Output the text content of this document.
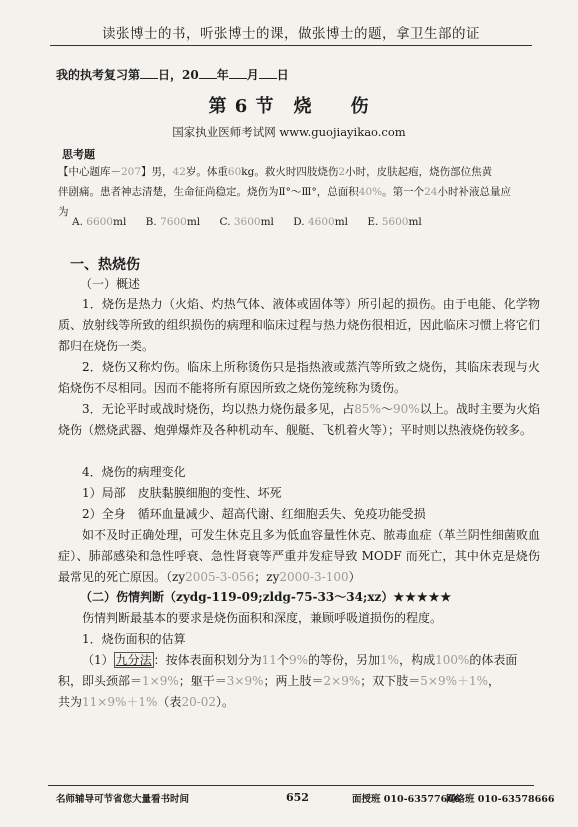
读张博士的书，听张博士的课，做张博士的题，拿卫生部的证
我的执考复习第 日，20 年 月 日
第 6 节　烧　　伤
国家执业医师考试网 www.guojiayikao.com
思考题
【中心题库－207】男，42岁。体重60kg。救火时四肢烧伤2小时，皮肤起疱，烧伤部位焦黄
伴剧痛。患者神志清楚，生命征尚稳定。烧伤为Ⅱ°～Ⅲ°，总面积40%。第一个24小时补液总量应
为
A. 6600ml B. 7600ml C. 3600ml D. 4600ml E. 5600ml
一、热烧伤
（一）概述
1．烧伤是热力（火焰、灼热气体、液体或固体等）所引起的损伤。由于电能、化学物质、放射线等所致的组织损伤的病理和临床过程与热力烧伤很相近，因此临床习惯上将它们都归在烧伤一类。
2．烧伤又称灼伤。临床上所称烫伤只是指热液或蒸汽等所致之烧伤，其临床表现与火焰烧伤不尽相同。因而不能将所有原因所致之烧伤笼统称为烫伤。
3．无论平时或战时烧伤，均以热力烧伤最多见，占85%～90%以上。战时主要为火焰烧伤（燃烧武器、炮弹爆炸及各种机动车、舰艇、飞机着火等）；平时则以热液烧伤较多。
4．烧伤的病理变化
1）局部　皮肤黏膜细胞的变性、坏死
2）全身　循环血量减少、超高代谢、红细胞丢失、免疫功能受损
如不及时正确处理，可发生休克且多为低血容量性休克、脓毒血症（革兰阴性细菌败血症）、肺部感染和急性呼衰、急性肾衰等严重并发症导致 MODF 而死亡，其中休克是烧伤最常见的死亡原因。（zy2005-3-056；zy2000-3-100）
（二）伤情判断（zydg-119-09;zldg-75-33～34;xz）★★★★★
伤情判断最基本的要求是烧伤面积和深度，兼顾呼吸道损伤的程度。
1．烧伤面积的估算
（1） 九分法 ：按体表面积划分为11个9%的等份，另加1%，构成100%的体表面
积，即头颈部＝1×9%；躯干＝3×9%；两上肢＝2×9%；双下肢＝5×9%＋1%，
共为11×9%＋1%（表20-02）。
名师辅导可节省您大量看书时间	652	面授班 010-63577666
网络班 010-63578666
